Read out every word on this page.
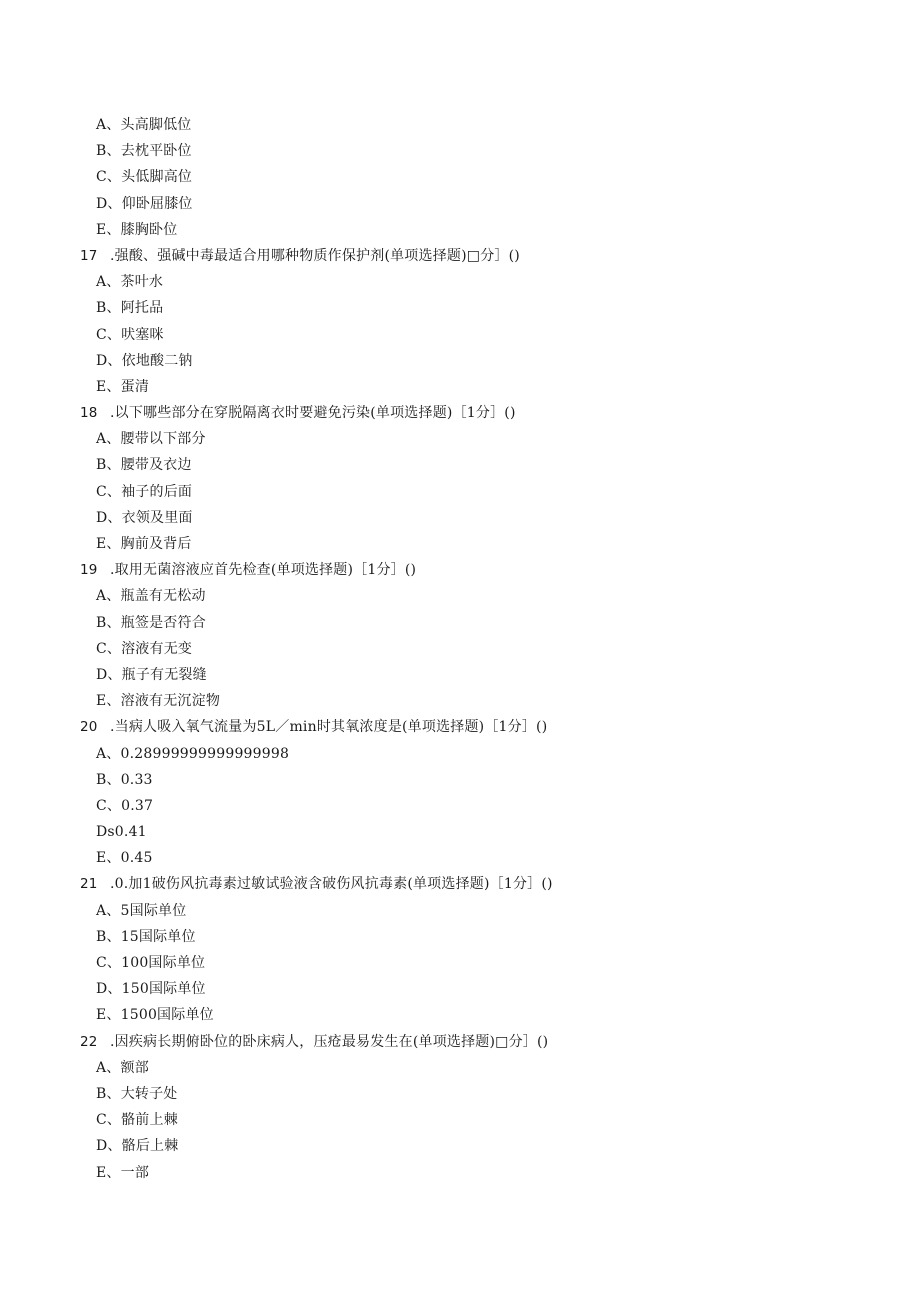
A、头高脚低位
B、去枕平卧位
C、头低脚高位
D、仰卧屈膝位
E、膝胸卧位
17 .强酸、强碱中毒最适合用哪种物质作保护剂(单项选择题)□分］()
A、茶叶水
B、阿托品
C、吠塞咪
D、依地酸二钠
E、蛋清
18 .以下哪些部分在穿脱隔离衣时要避免污染(单项选择题)［1分］()
A、腰带以下部分
B、腰带及衣边
C、袖子的后面
D、衣领及里面
E、胸前及背后
19 .取用无菌溶液应首先检查(单项选择题)［1分］()
A、瓶盖有无松动
B、瓶签是否符合
C、溶液有无变
D、瓶子有无裂缝
E、溶液有无沉淀物
20 .当病人吸入氧气流量为5L／min时其氧浓度是(单项选择题)［1分］()
A、0.28999999999999998
B、0.33
C、0.37
Ds0.41
E、0.45
21 .0.加1破伤风抗毒素过敏试验液含破伤风抗毒素(单项选择题)［1分］()
A、5国际单位
B、15国际单位
C、100国际单位
D、150国际单位
E、1500国际单位
22 .因疾病长期俯卧位的卧床病人，压疮最易发生在(单项选择题)□分］()
A、额部
B、大转子处
C、骼前上棘
D、骼后上棘
E、一部
